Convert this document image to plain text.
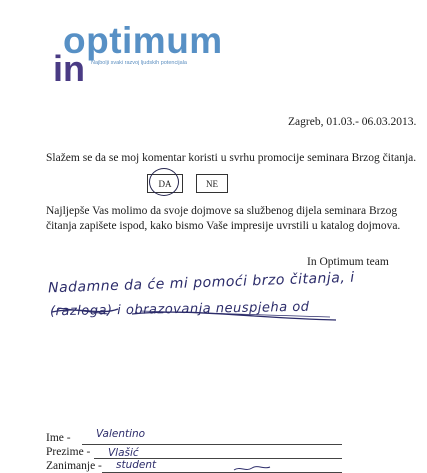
in
optimum
Najbolji svaki razvoj ljudskih potencijala
Zagreb, 01.03.- 06.03.2013.
Slažem se da se moj komentar koristi u svrhu promocije seminara Brzog čitanja.
DA	NE
Najljepše Vas molimo da svoje dojmove sa službenog dijela seminara Brzog
čitanja zapišete ispod, kako bismo Vaše impresije uvrstili u katalog dojmova.
In Optimum team
Nadamne da će mi pomoći brzo čitanja, i
(razloga) i obrazovanja neuspjeha od
Ime - Valentino
Prezime - Vlašić
Zanimanje - student
